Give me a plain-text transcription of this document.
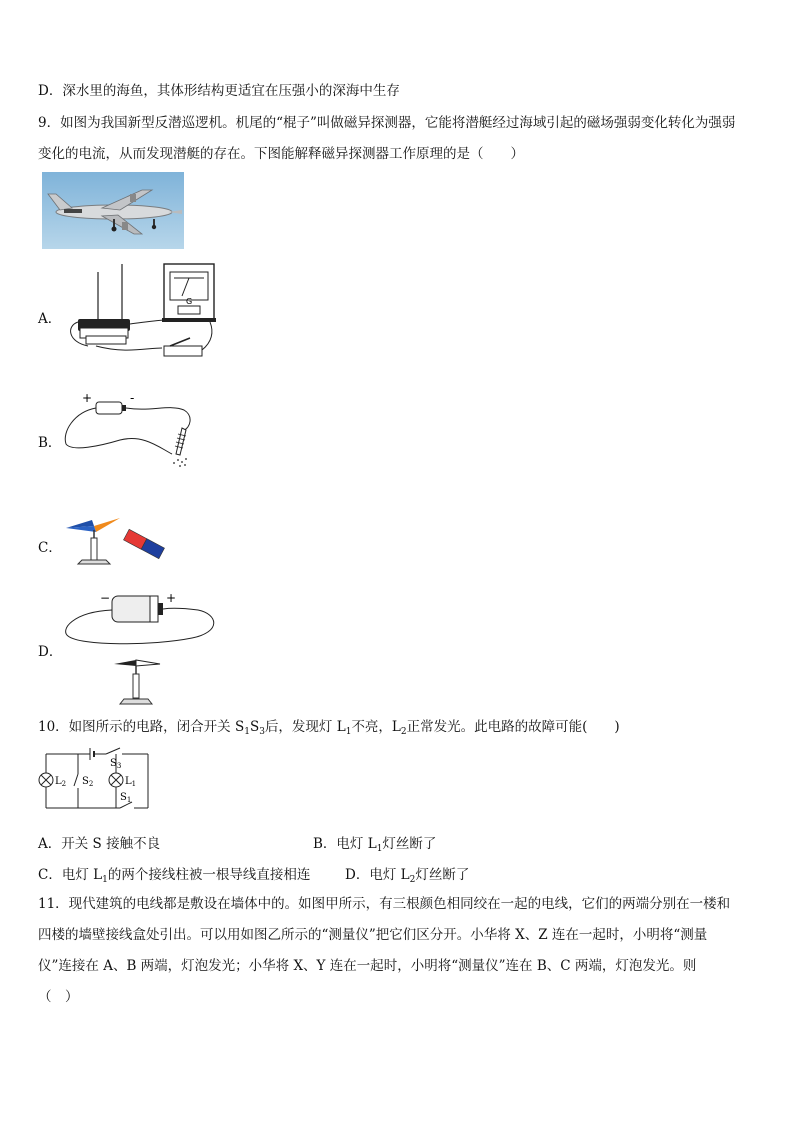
D．深水里的海鱼，其体形结构更适宜在压强小的深海中生存
9．如图为我国新型反潜巡逻机。机尾的“棍子”叫做磁异探测器，它能将潜艇经过海域引起的磁场强弱变化转化为强弱
变化的电流，从而发现潜艇的存在。下图能解释磁异探测器工作原理的是（　　）
A．
G
B．
+	-
C．
D．
−	+
10．如图所示的电路，闭合开关 $S_1S_3$后，发现灯 $L_1$不亮，$L_2$正常发光。此电路的故障可能(　　)
$S_3$
$S_1$
$L_2$ $S_2$	$L_1$
A．开关 S 接触不良	B．电灯 $L_1$灯丝断了
C．电灯 $L_1$的两个接线柱被一根导线直接相连	D．电灯 $L_2$灯丝断了
11．现代建筑的电线都是敷设在墙体中的。如图甲所示，有三根颜色相同绞在一起的电线，它们的两端分别在一楼和
四楼的墙壁接线盒处引出。可以用如图乙所示的“测量仪”把它们区分开。小华将 X、Z 连在一起时，小明将“测量
仪”连接在 A、B 两端，灯泡发光；小华将 X、Y 连在一起时，小明将“测量仪”连在 B、C 两端，灯泡发光。则
（　）
